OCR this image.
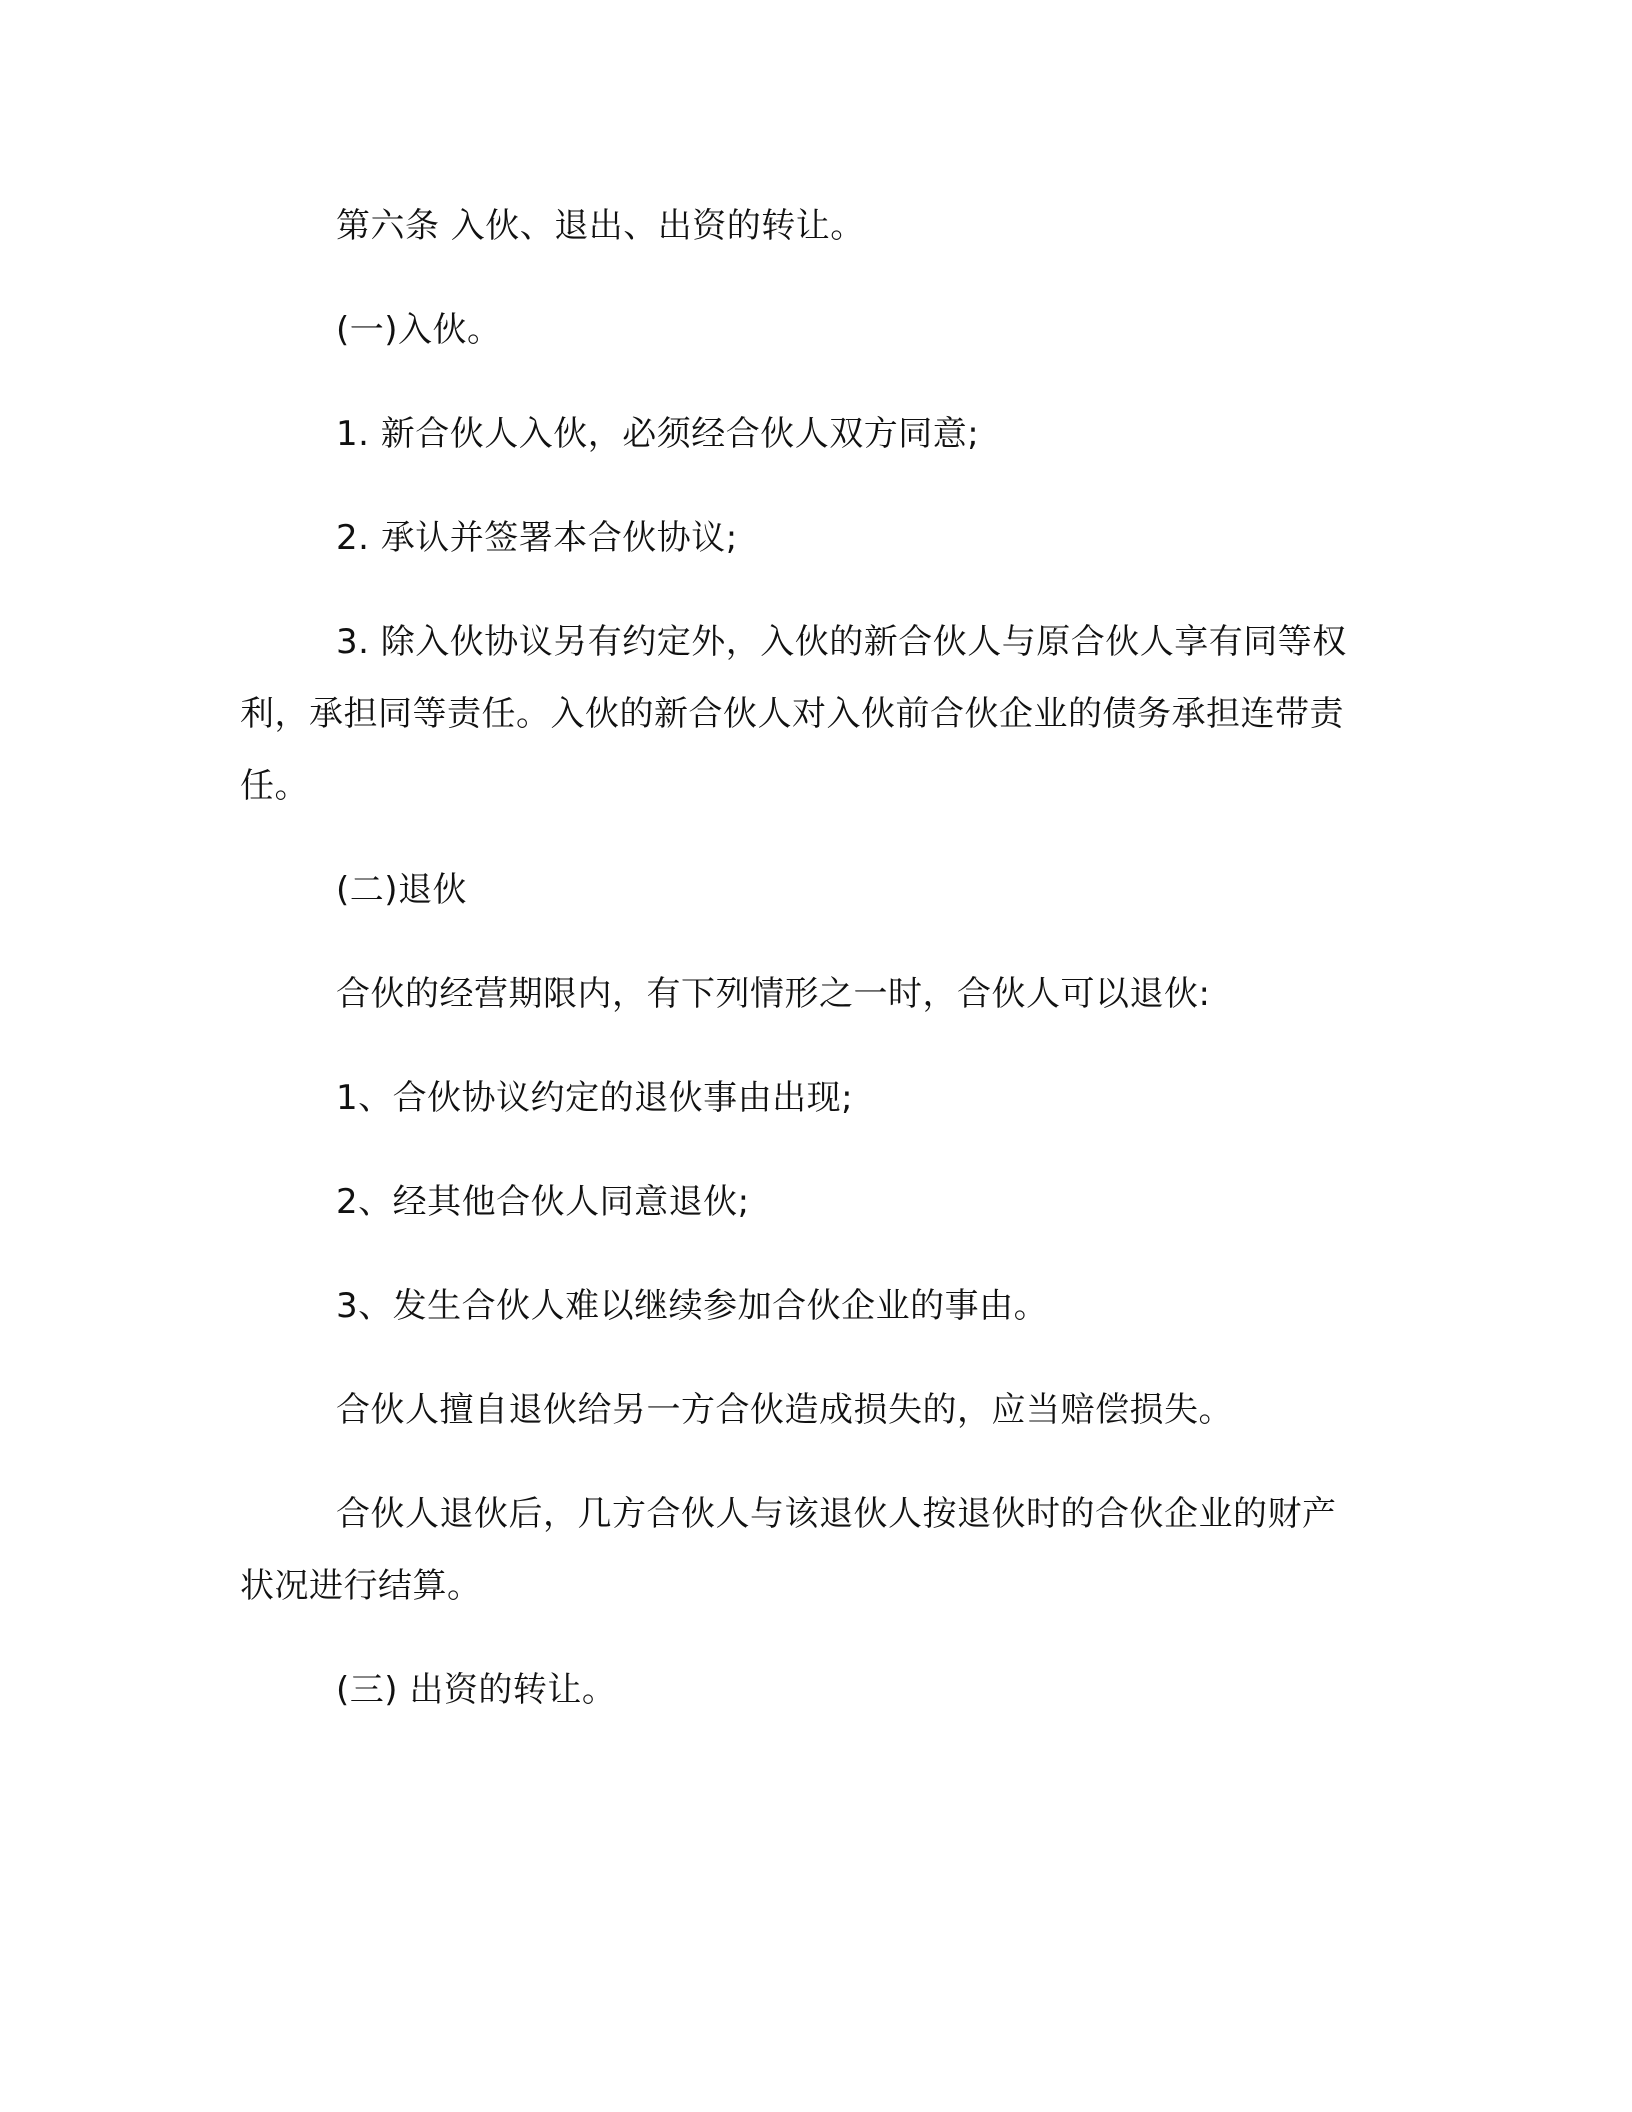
第六条 入伙、退出、出资的转让。

(一)入伙。

1. 新合伙人入伙，必须经合伙人双方同意;

2. 承认并签署本合伙协议;

3. 除入伙协议另有约定外，入伙的新合伙人与原合伙人享有同等权利，承担同等责任。入伙的新合伙人对入伙前合伙企业的债务承担连带责任。

(二)退伙

合伙的经营期限内，有下列情形之一时，合伙人可以退伙:

1、合伙协议约定的退伙事由出现;

2、经其他合伙人同意退伙;

3、发生合伙人难以继续参加合伙企业的事由。

合伙人擅自退伙给另一方合伙造成损失的，应当赔偿损失。

合伙人退伙后，几方合伙人与该退伙人按退伙时的合伙企业的财产状况进行结算。

(三) 出资的转让。
